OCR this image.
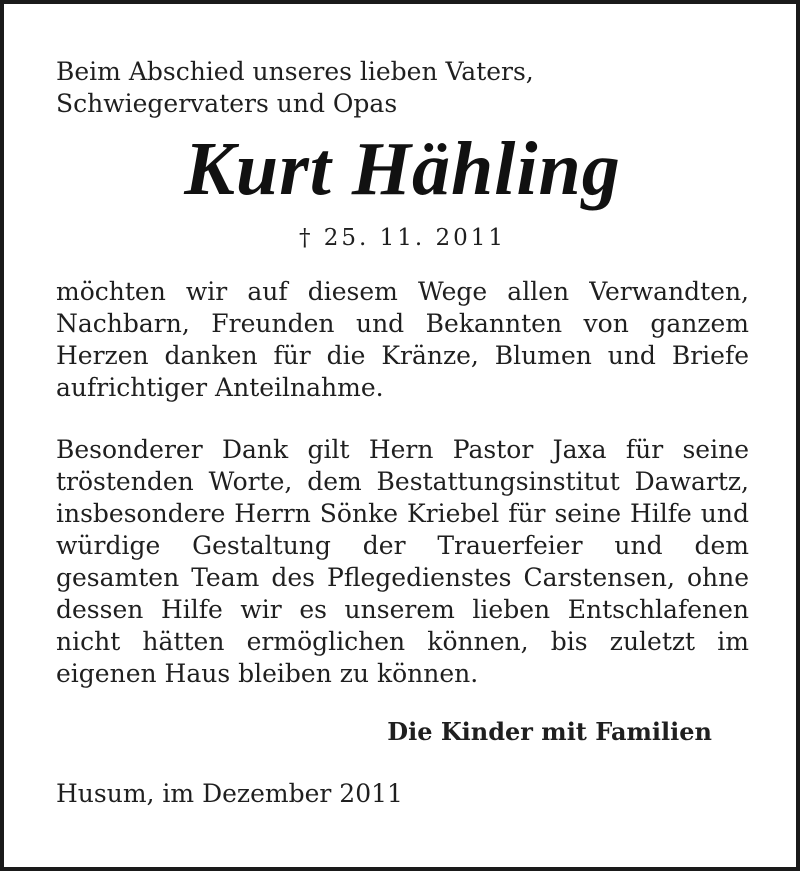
Beim Abschied unseres lieben Vaters, Schwiegervaters und Opas

Kurt Hähling

† 25. 11. 2011

möchten wir auf diesem Wege allen Verwandten, Nachbarn, Freunden und Bekannten von ganzem Herzen danken für die Kränze, Blumen und Briefe aufrichtiger Anteilnahme.

Besonderer Dank gilt Hern Pastor Jaxa für seine tröstenden Worte, dem Bestattungsinstitut Dawartz, insbesondere Herrn Sönke Kriebel für seine Hilfe und würdige Gestaltung der Trauerfeier und dem gesamten Team des Pflegedienstes Carstensen, ohne dessen Hilfe wir es unserem lieben Entschlafenen nicht hätten ermöglichen können, bis zuletzt im eigenen Haus bleiben zu können.

Die Kinder mit Familien

Husum, im Dezember 2011
